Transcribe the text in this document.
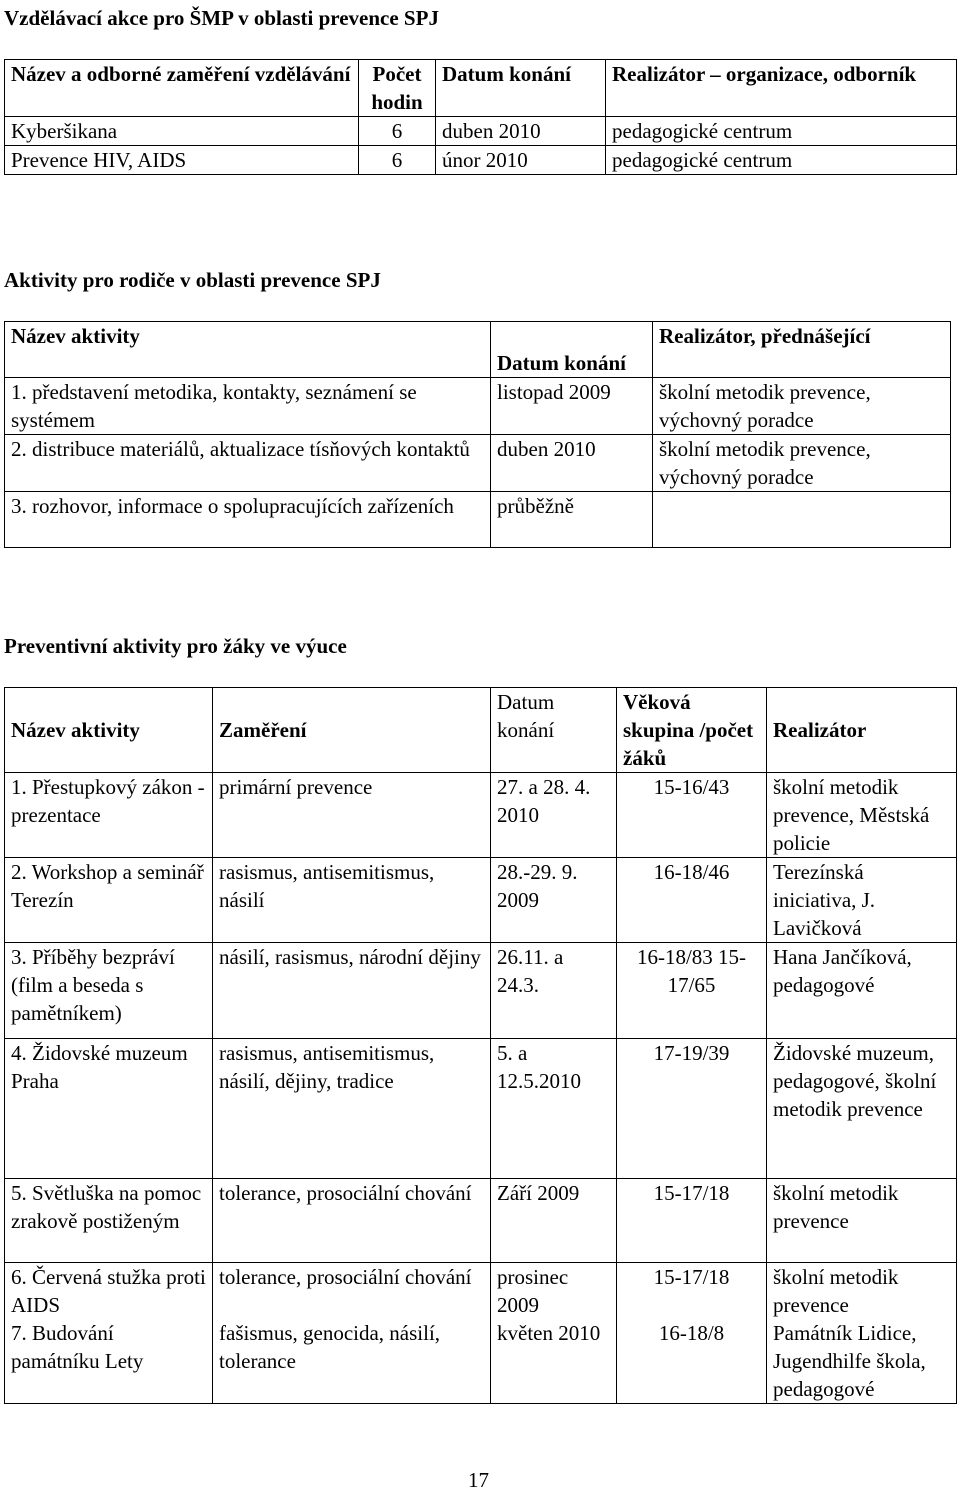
Vzdělávací akce pro ŠMP v oblasti prevence SPJ
Název a odborné zaměření vzdělávání	Počet hodin	Datum konání	Realizátor – organizace, odborník
Kyberšikana	6	duben 2010	pedagogické centrum
Prevence HIV, AIDS	6	únor 2010	pedagogické centrum
Aktivity pro rodiče v oblasti prevence SPJ
Název aktivity	Datum konání	Realizátor, přednášející
1. představení metodika, kontakty, seznámení se systémem	listopad 2009	školní metodik prevence, výchovný poradce
2. distribuce materiálů, aktualizace tísňových kontaktů	duben 2010	školní metodik prevence, výchovný poradce
3. rozhovor, informace o spolupracujících zařízeních	průběžně	
Preventivní aktivity pro žáky ve výuce
Název aktivity	Zaměření	Datum konání	Věková skupina /počet žáků	Realizátor
1. Přestupkový zákon - prezentace	primární prevence	27. a 28. 4. 2010	15-16/43	školní metodik prevence, Městská policie
2. Workshop a seminář Terezín	rasismus, antisemitismus, násilí	28.-29. 9. 2009	16-18/46	Terezínská iniciativa, J. Lavičková
3. Příběhy bezpráví (film a beseda s pamětníkem)	násilí, rasismus, národní dějiny	26.11. a 24.3.	16-18/83 15-17/65	Hana Jančíková, pedagogové
4. Židovské muzeum Praha	rasismus, antisemitismus, násilí, dějiny, tradice	5. a 12.5.2010	17-19/39	Židovské muzeum, pedagogové, školní metodik prevence
5. Světluška na pomoc zrakově postiženým	tolerance, prosociální chování	Září 2009	15-17/18	školní metodik prevence
6. Červená stužka proti AIDS	tolerance, prosociální chování	prosinec 2009	15-17/18	školní metodik prevence
7. Budování památníku Lety	fašismus, genocida, násilí, tolerance	květen 2010	16-18/8	Památník Lidice, Jugendhilfe škola, pedagogové
17
